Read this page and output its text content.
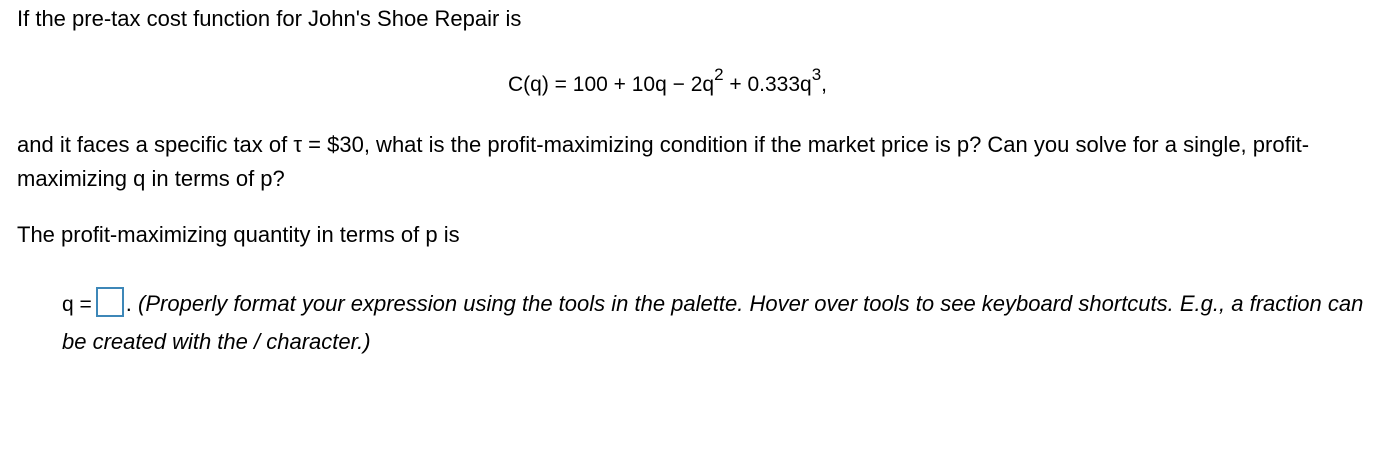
If the pre-tax cost function for John's Shoe Repair is
$C(q) = 100 + 10q - 2q^2 + 0.333q^3$,
and it faces a specific tax of τ = $30, what is the profit-maximizing condition if the market price is p? Can you solve for a single, profit-maximizing q in terms of p?
The profit-maximizing quantity in terms of p is
q = . (Properly format your expression using the tools in the palette. Hover over tools to see keyboard shortcuts. E.g., a fraction can be created with the / character.)
